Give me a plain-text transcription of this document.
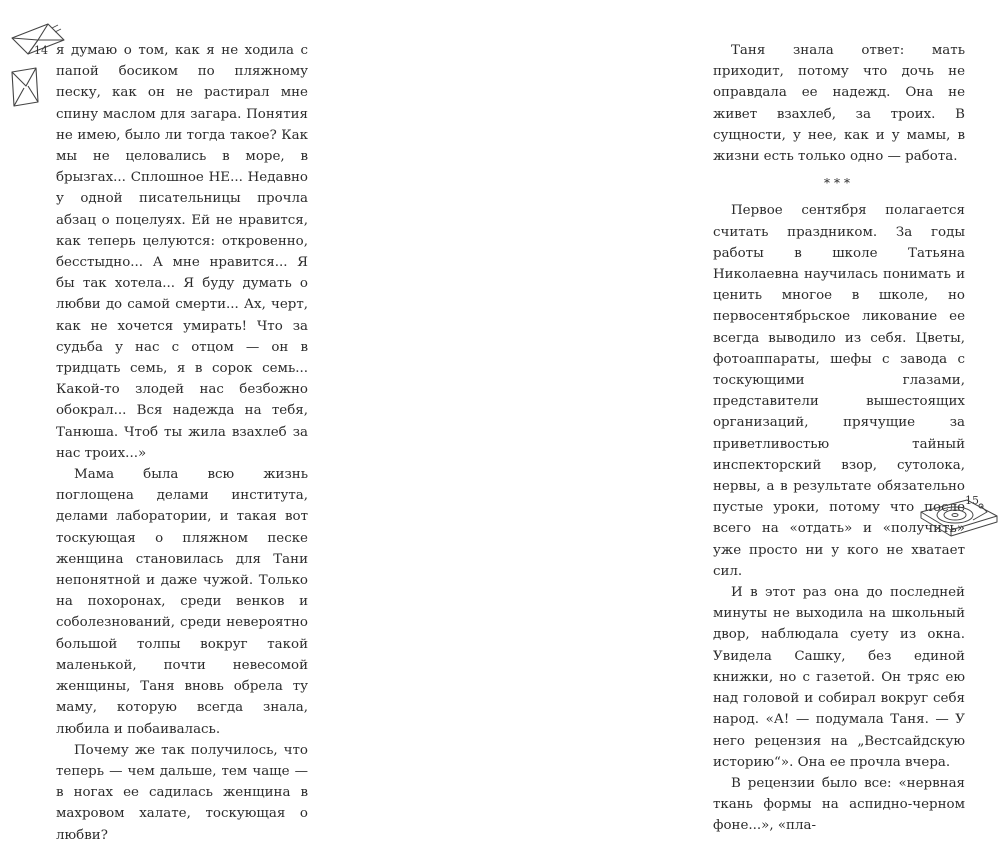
14 я думаю о том, как я не ходила с папой босиком по пляжному песку, как он не растирал мне спину маслом для загара. Понятия не имею, было ли тогда такое? Как мы не целовались в море, в брызгах... Сплошное НЕ... Недавно у одной писательницы прочла абзац о поцелуях. Ей не нравится, как теперь целуются: откровенно, бесстыдно... А мне нравится... Я бы так хотела... Я буду думать о любви до самой смерти... Ах, черт, как не хочется умирать! Что за судьба у нас с отцом — он в тридцать семь, я в сорок семь... Какой-то злодей нас безбожно обокрал... Вся надежда на тебя, Танюша. Чтоб ты жила взахлеб за нас троих...»

Мама была всю жизнь поглощена делами института, делами лаборатории, и такая вот тоскующая о пляжном песке женщина становилась для Тани непонятной и даже чужой. Только на похоронах, среди венков и соболезнований, среди невероятно большой толпы вокруг такой маленькой, почти невесомой женщины, Таня вновь обрела ту маму, которую всегда знала, любила и побаивалась.

Почему же так получилось, что теперь — чем дальше, тем чаще — в ногах ее садилась женщина в махровом халате, тоскующая о любви?

Таня знала ответ: мать приходит, потому что дочь не оправдала ее надежд. Она не живет взахлеб, за троих. В сущности, у нее, как и у мамы, в жизни есть только одно — работа.

***

Первое сентября полагается считать праздником. За годы работы в школе Татьяна Николаевна научилась понимать и ценить многое в школе, но первосентябрьское ликование ее всегда выводило из себя. Цветы, фотоаппараты, шефы с завода с тоскующими глазами, представители вышестоящих организаций, прячущие за приветливостью тайный инспекторский взор, сутолока, нервы, а в результате обязательно пустые уроки, потому что после всего на «отдать» и «получить» уже просто ни у кого не хватает сил.

И в этот раз она до последней минуты не выходила на школьный двор, наблюдала суету из окна. Увидела Сашку, без единой книжки, но с газетой. Он тряс ею над головой и собирал вокруг себя народ. «А! — подумала Таня. — У него рецензия на „Вестсайдскую историю“». Она ее прочла вчера.

В рецензии было все: «нервная ткань формы на аспидно-черном фоне...», «пла-

15
